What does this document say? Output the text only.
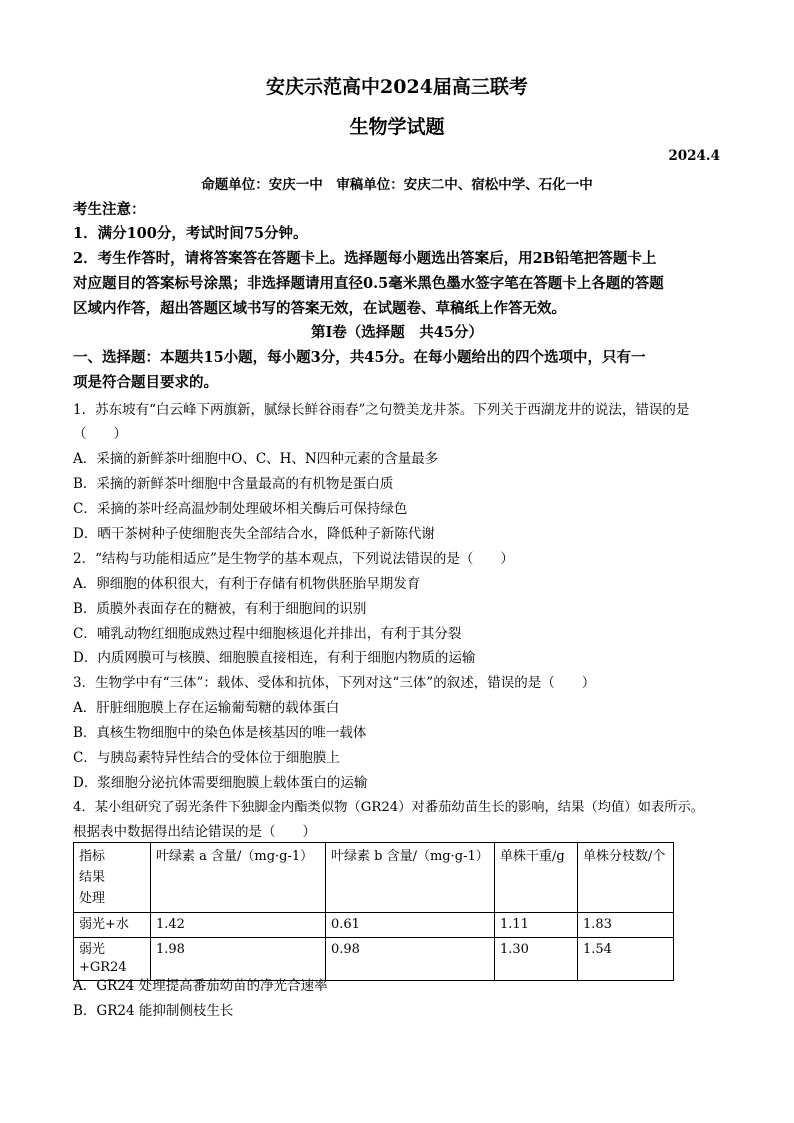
安庆示范高中2024届高三联考
生物学试题
2024.4
命题单位：安庆一中　审稿单位：安庆二中、宿松中学、石化一中
考生注意：
1．满分100分，考试时间75分钟。
2．考生作答时，请将答案答在答题卡上。选择题每小题选出答案后，用2B铅笔把答题卡上
对应题目的答案标号涂黑；非选择题请用直径0.5毫米黑色墨水签字笔在答题卡上各题的答题
区域内作答，超出答题区域书写的答案无效，在试题卷、草稿纸上作答无效。
第Ⅰ卷（选择题　共45分）
一、选择题：本题共15小题，每小题3分，共45分。在每小题给出的四个选项中，只有一
项是符合题目要求的。
1．苏东坡有“白云峰下两旗新，腻绿长鲜谷雨春”之句赞美龙井茶。下列关于西湖龙井的说法，错误的是
（　　）
A．采摘的新鲜茶叶细胞中O、C、H、N四种元素的含量最多
B．采摘的新鲜茶叶细胞中含量最高的有机物是蛋白质
C．采摘的茶叶经高温炒制处理破坏相关酶后可保持绿色
D．晒干茶树种子使细胞丧失全部结合水，降低种子新陈代谢
2．“结构与功能相适应”是生物学的基本观点，下列说法错误的是（　　）
A．卵细胞的体积很大，有利于存储有机物供胚胎早期发育
B．质膜外表面存在的糖被，有利于细胞间的识别
C．哺乳动物红细胞成熟过程中细胞核退化并排出，有利于其分裂
D．内质网膜可与核膜、细胞膜直接相连，有利于细胞内物质的运输
3．生物学中有“三体”：载体、受体和抗体，下列对这“三体”的叙述，错误的是（　　）
A．肝脏细胞膜上存在运输葡萄糖的载体蛋白
B．真核生物细胞中的染色体是核基因的唯一载体
C．与胰岛素特异性结合的受体位于细胞膜上
D．浆细胞分泌抗体需要细胞膜上载体蛋白的运输
4．某小组研究了弱光条件下独脚金内酯类似物（GR24）对番茄幼苗生长的影响，结果（均值）如表所示。
根据表中数据得出结论错误的是（　　）
指标
结果
处理	叶绿素 a 含量/（mg·g-1）	叶绿素 b 含量/（mg·g-1）	单株干重/g	单株分枝数/个
弱光+水	1.42	0.61	1.11	1.83
弱光+GR24	1.98	0.98	1.30	1.54
A．GR24 处理提高番茄幼苗的净光合速率
B．GR24 能抑制侧枝生长
